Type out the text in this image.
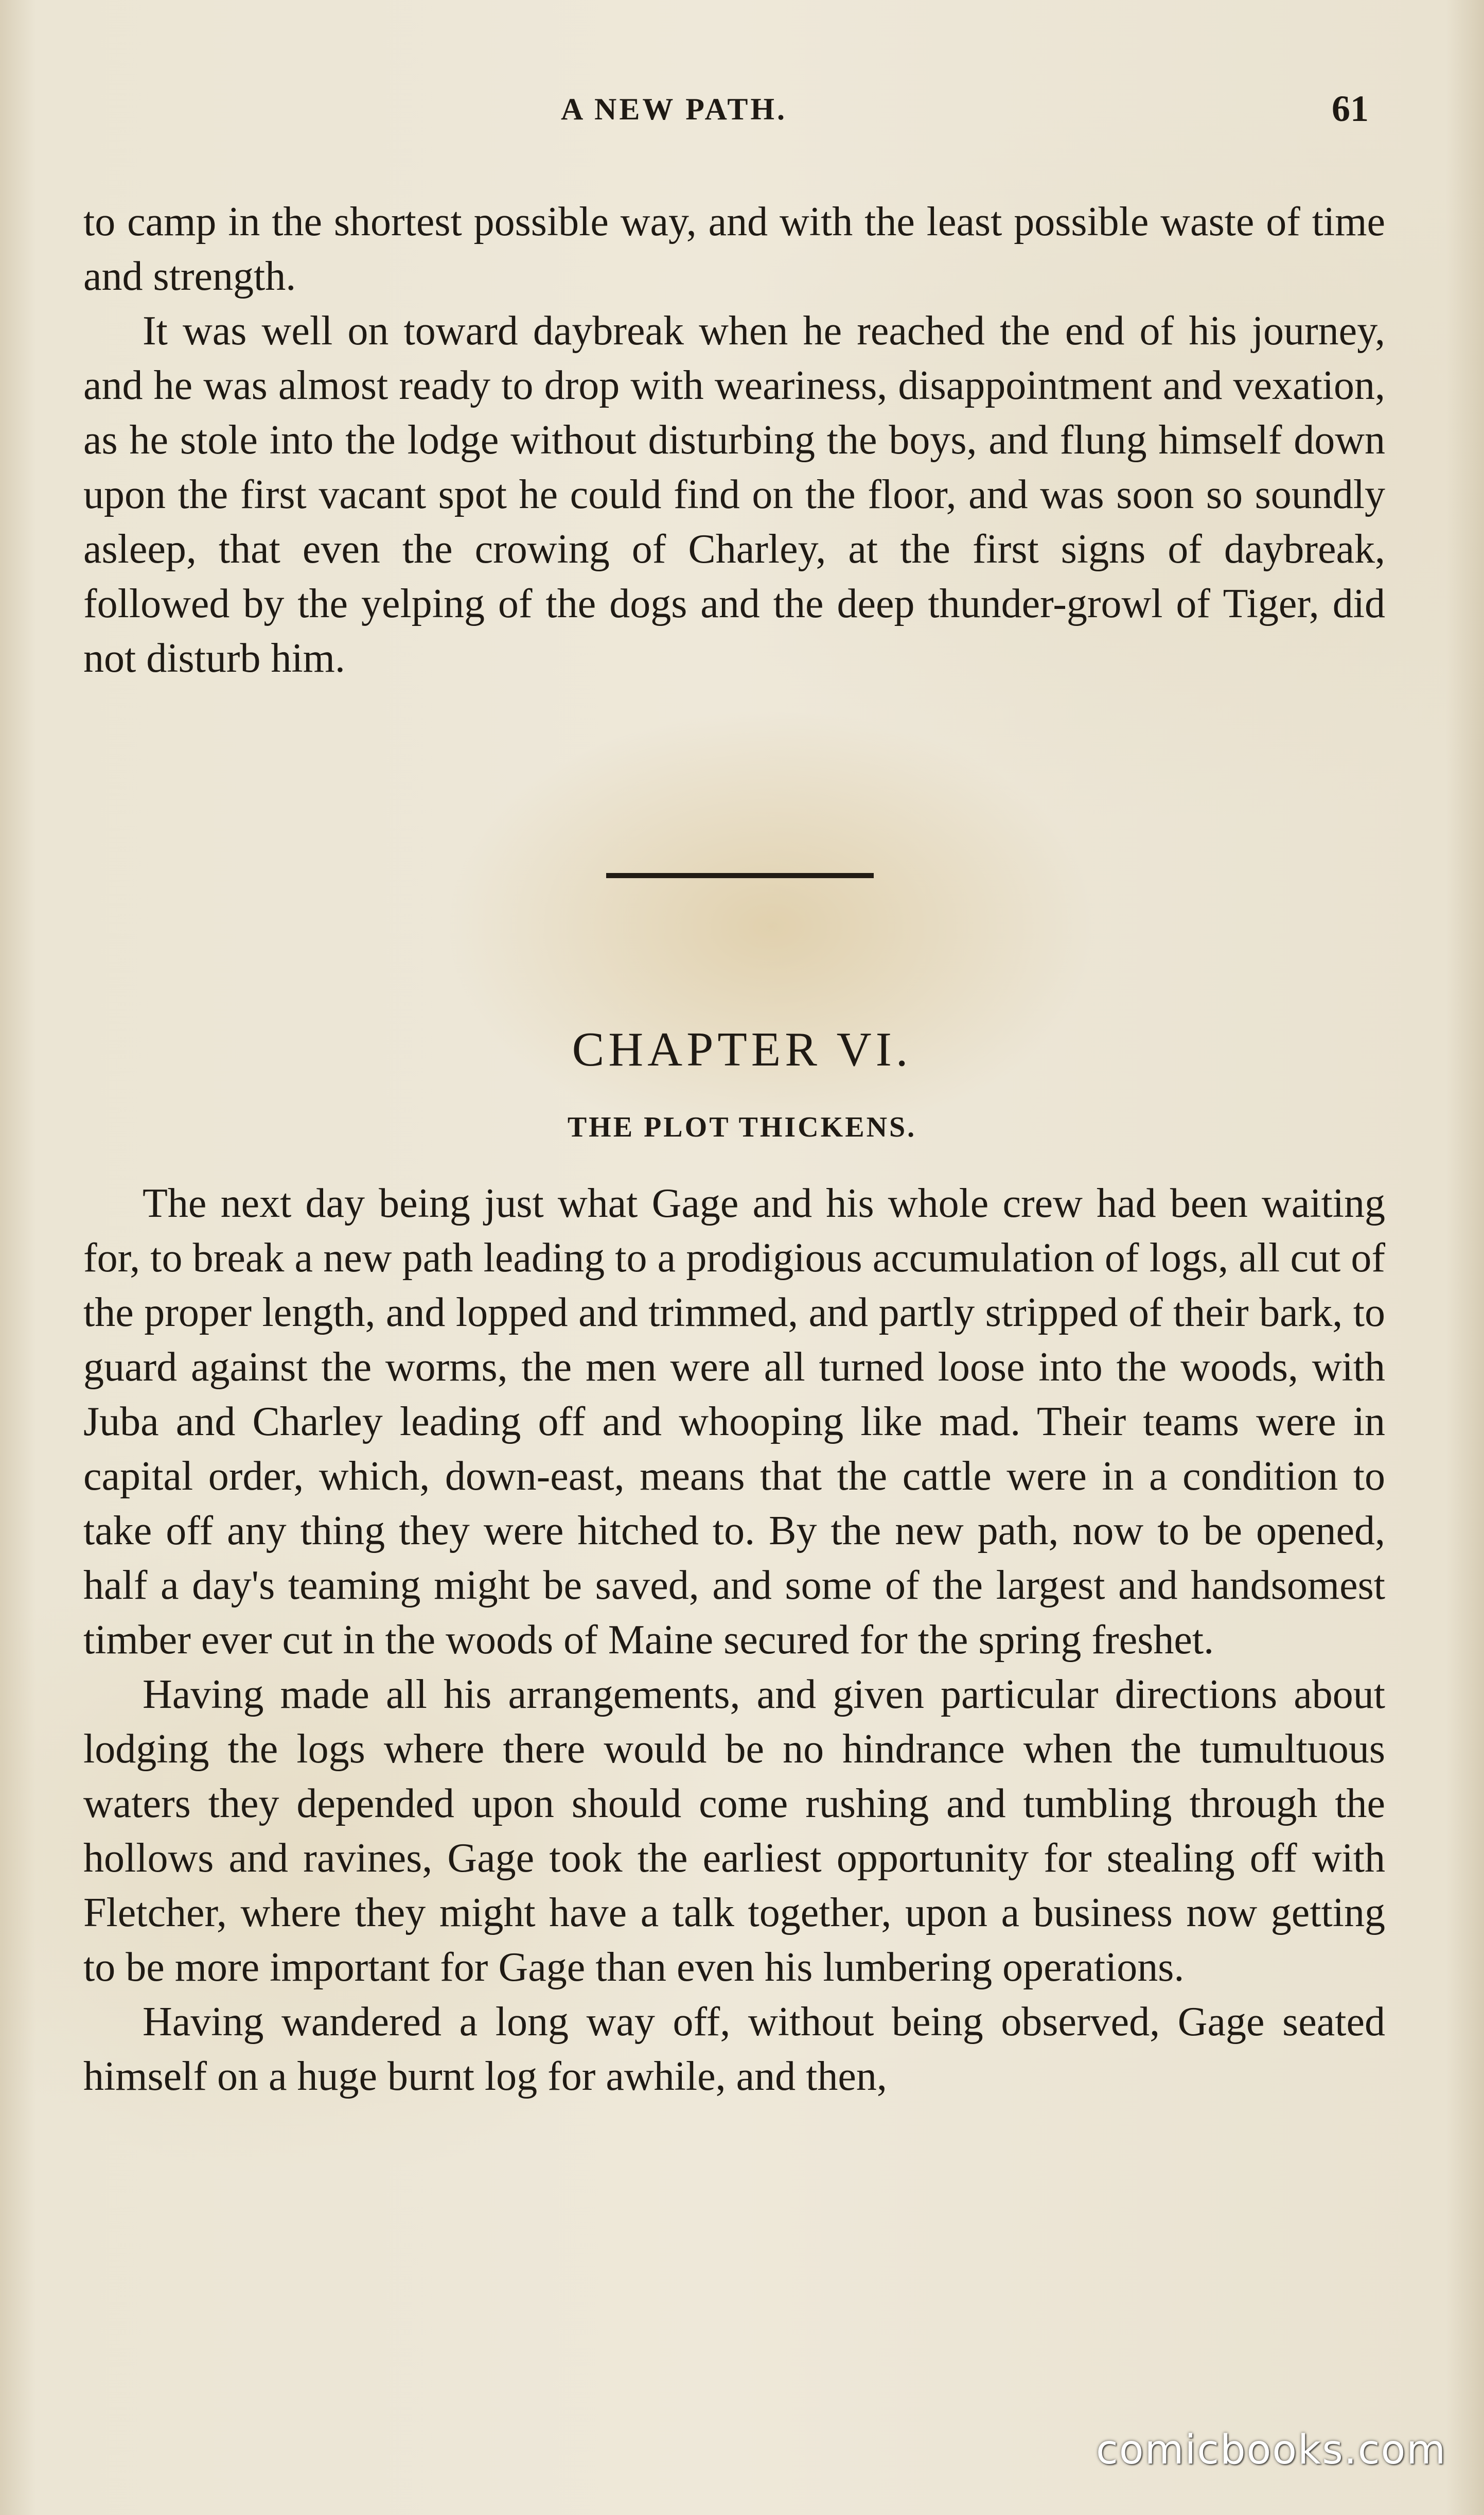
A NEW PATH.	61

to camp in the shortest possible way, and with the least possible waste of time and strength.

It was well on toward daybreak when he reached the end of his journey, and he was almost ready to drop with weariness, disappointment and vexation, as he stole into the lodge without disturbing the boys, and flung himself down upon the first vacant spot he could find on the floor, and was soon so soundly asleep, that even the crowing of Charley, at the first signs of daybreak, followed by the yelping of the dogs and the deep thunder-growl of Tiger, did not disturb him.

CHAPTER VI.
THE PLOT THICKENS.

The next day being just what Gage and his whole crew had been waiting for, to break a new path leading to a prodigious accumulation of logs, all cut of the proper length, and lopped and trimmed, and partly stripped of their bark, to guard against the worms, the men were all turned loose into the woods, with Juba and Charley leading off and whooping like mad. Their teams were in capital order, which, down-east, means that the cattle were in a condition to take off any thing they were hitched to. By the new path, now to be opened, half a day's teaming might be saved, and some of the largest and handsomest timber ever cut in the woods of Maine secured for the spring freshet.

Having made all his arrangements, and given particular directions about lodging the logs where there would be no hindrance when the tumultuous waters they depended upon should come rushing and tumbling through the hollows and ravines, Gage took the earliest opportunity for stealing off with Fletcher, where they might have a talk together, upon a business now getting to be more important for Gage than even his lumbering operations.

Having wandered a long way off, without being observed, Gage seated himself on a huge burnt log for awhile, and then,

comicbooks.com
